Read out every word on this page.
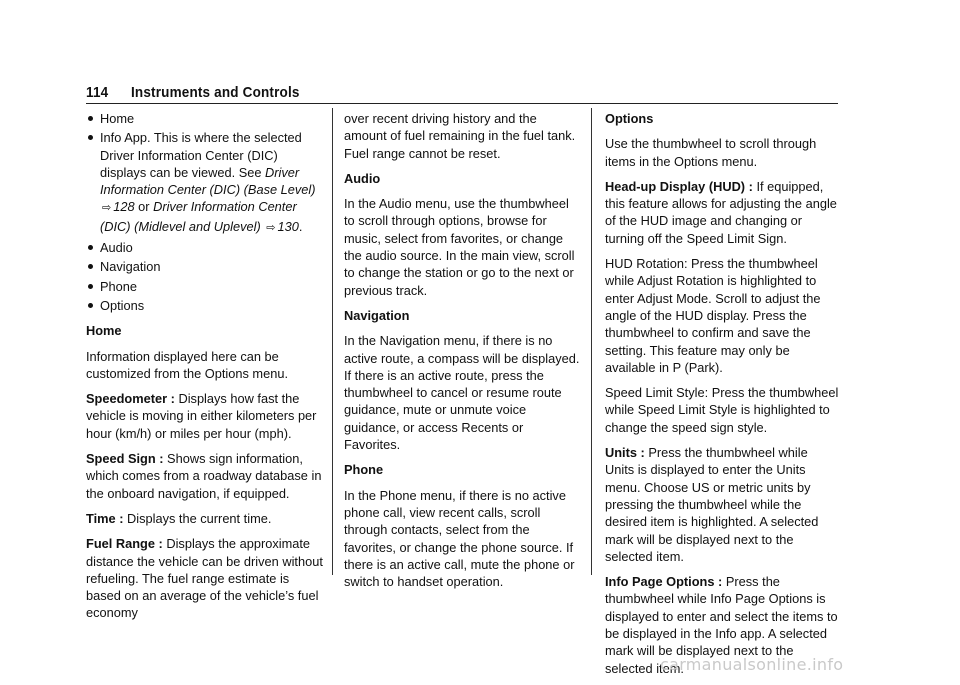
114 Instruments and Controls
Home
Info App. This is where the selected Driver Information Center (DIC) displays can be viewed. See Driver Information Center (DIC) (Base Level) ⇨ 128 or Driver Information Center (DIC) (Midlevel and Uplevel) ⇨ 130.
Audio
Navigation
Phone
Options

Home

Information displayed here can be customized from the Options menu.

Speedometer : Displays how fast the vehicle is moving in either kilometers per hour (km/h) or miles per hour (mph).

Speed Sign : Shows sign information, which comes from a roadway database in the onboard navigation, if equipped.

Time : Displays the current time.

Fuel Range : Displays the approximate distance the vehicle can be driven without refueling. The fuel range estimate is based on an average of the vehicle’s fuel economy

over recent driving history and the amount of fuel remaining in the fuel tank. Fuel range cannot be reset.

Audio

In the Audio menu, use the thumbwheel to scroll through options, browse for music, select from favorites, or change the audio source. In the main view, scroll to change the station or go to the next or previous track.

Navigation

In the Navigation menu, if there is no active route, a compass will be displayed. If there is an active route, press the thumbwheel to cancel or resume route guidance, mute or unmute voice guidance, or access Recents or Favorites.

Phone

In the Phone menu, if there is no active phone call, view recent calls, scroll through contacts, select from the favorites, or change the phone source. If there is an active call, mute the phone or switch to handset operation.

Options

Use the thumbwheel to scroll through items in the Options menu.

Head-up Display (HUD) : If equipped, this feature allows for adjusting the angle of the HUD image and changing or turning off the Speed Limit Sign.

HUD Rotation: Press the thumbwheel while Adjust Rotation is highlighted to enter Adjust Mode. Scroll to adjust the angle of the HUD display. Press the thumbwheel to confirm and save the setting. This feature may only be available in P (Park).

Speed Limit Style: Press the thumbwheel while Speed Limit Style is highlighted to change the speed sign style.

Units : Press the thumbwheel while Units is displayed to enter the Units menu. Choose US or metric units by pressing the thumbwheel while the desired item is highlighted. A selected mark will be displayed next to the selected item.

Info Page Options : Press the thumbwheel while Info Page Options is displayed to enter and select the items to be displayed in the Info app. A selected mark will be displayed next to the selected item.

carmanualsonline.info
